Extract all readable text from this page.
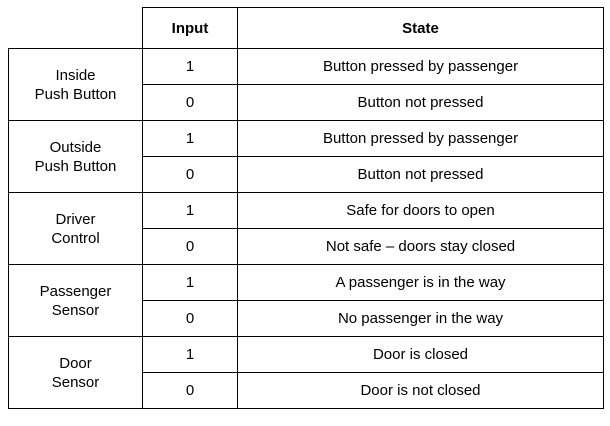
	Input	State

Inside
Push Button	1	Button pressed by passenger
	0	Button not pressed

Outside
Push Button	1	Button pressed by passenger
	0	Button not pressed

Driver
Control	1	Safe for doors to open
	0	Not safe – doors stay closed

Passenger
Sensor	1	A passenger is in the way
	0	No passenger in the way

Door
Sensor	1	Door is closed
	0	Door is not closed
